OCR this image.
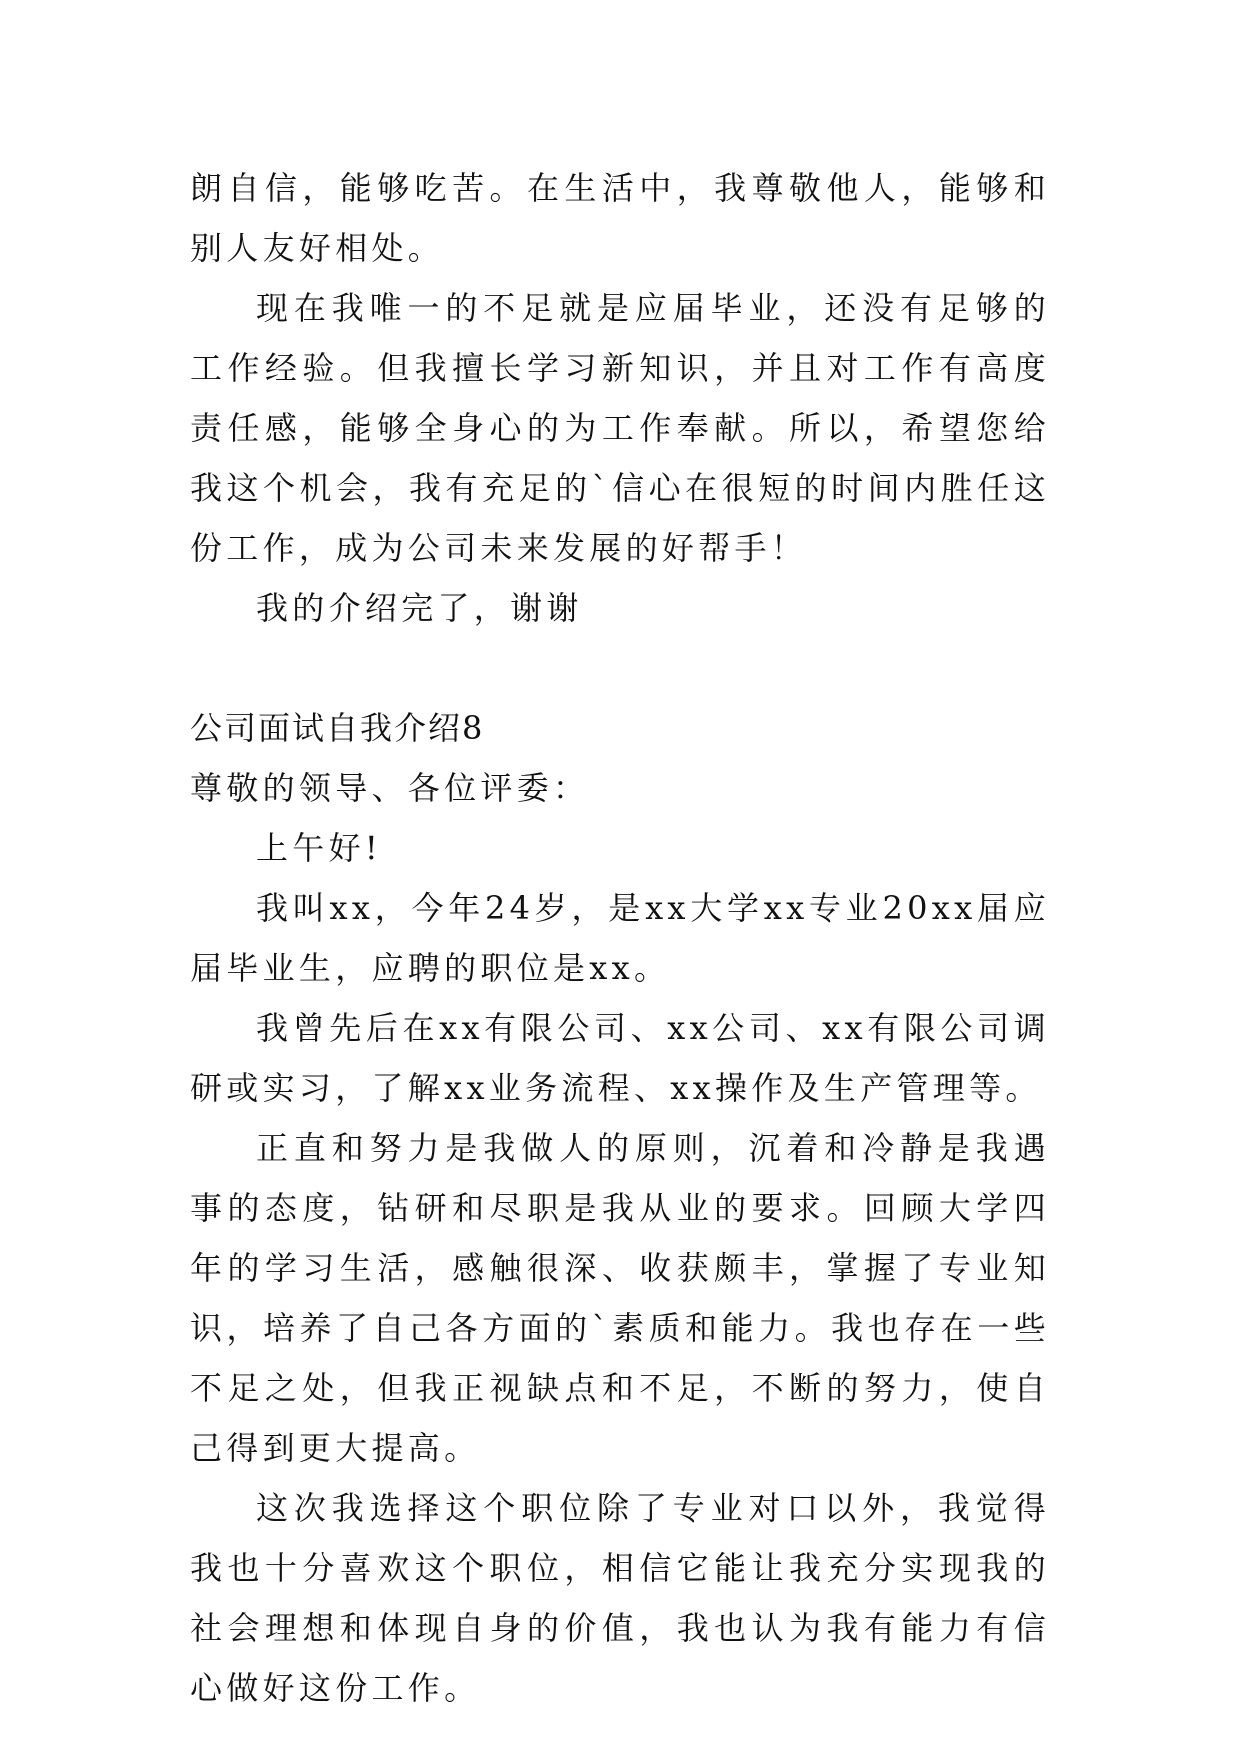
朗自信，能够吃苦。在生活中，我尊敬他人，能够和别人友好相处。

现在我唯一的不足就是应届毕业，还没有足够的工作经验。但我擅长学习新知识，并且对工作有高度责任感，能够全身心的为工作奉献。所以，希望您给我这个机会，我有充足的`信心在很短的时间内胜任这份工作，成为公司未来发展的好帮手！

我的介绍完了，谢谢

公司面试自我介绍8

尊敬的领导、各位评委：

上午好!

我叫xx，今年24岁，是xx大学xx专业20xx届应届毕业生，应聘的职位是xx。

我曾先后在xx有限公司、xx公司、xx有限公司调研或实习，了解xx业务流程、xx操作及生产管理等。

正直和努力是我做人的原则，沉着和冷静是我遇事的态度，钻研和尽职是我从业的要求。回顾大学四年的学习生活，感触很深、收获颇丰，掌握了专业知识，培养了自己各方面的`素质和能力。我也存在一些不足之处，但我正视缺点和不足，不断的努力，使自己得到更大提高。

这次我选择这个职位除了专业对口以外，我觉得我也十分喜欢这个职位，相信它能让我充分实现我的社会理想和体现自身的价值，我也认为我有能力有信心做好这份工作。
